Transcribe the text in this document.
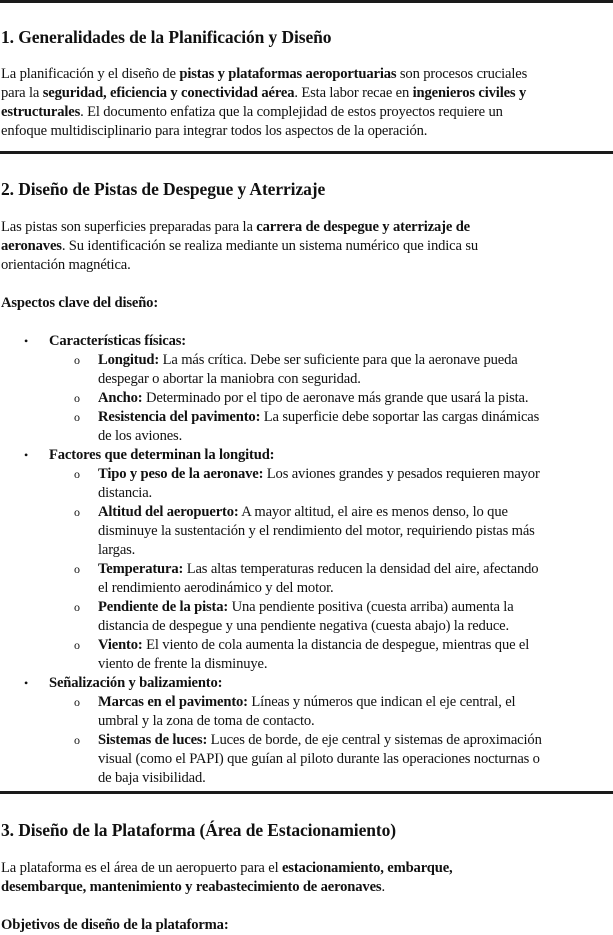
1. Generalidades de la Planificación y Diseño
La planificación y el diseño de pistas y plataformas aeroportuarias son procesos cruciales
para la seguridad, eficiencia y conectividad aérea. Esta labor recae en ingenieros civiles y
estructurales. El documento enfatiza que la complejidad de estos proyectos requiere un
enfoque multidisciplinario para integrar todos los aspectos de la operación.
2. Diseño de Pistas de Despegue y Aterrizaje
Las pistas son superficies preparadas para la carrera de despegue y aterrizaje de
aeronaves. Su identificación se realiza mediante un sistema numérico que indica su
orientación magnética.
Aspectos clave del diseño:
• Características físicas:
o Longitud: La más crítica. Debe ser suficiente para que la aeronave pueda
despegar o abortar la maniobra con seguridad.
o Ancho: Determinado por el tipo de aeronave más grande que usará la pista.
o Resistencia del pavimento: La superficie debe soportar las cargas dinámicas
de los aviones.
• Factores que determinan la longitud:
o Tipo y peso de la aeronave: Los aviones grandes y pesados requieren mayor
distancia.
o Altitud del aeropuerto: A mayor altitud, el aire es menos denso, lo que
disminuye la sustentación y el rendimiento del motor, requiriendo pistas más
largas.
o Temperatura: Las altas temperaturas reducen la densidad del aire, afectando
el rendimiento aerodinámico y del motor.
o Pendiente de la pista: Una pendiente positiva (cuesta arriba) aumenta la
distancia de despegue y una pendiente negativa (cuesta abajo) la reduce.
o Viento: El viento de cola aumenta la distancia de despegue, mientras que el
viento de frente la disminuye.
• Señalización y balizamiento:
o Marcas en el pavimento: Líneas y números que indican el eje central, el
umbral y la zona de toma de contacto.
o Sistemas de luces: Luces de borde, de eje central y sistemas de aproximación
visual (como el PAPI) que guían al piloto durante las operaciones nocturnas o
de baja visibilidad.
3. Diseño de la Plataforma (Área de Estacionamiento)
La plataforma es el área de un aeropuerto para el estacionamiento, embarque,
desembarque, mantenimiento y reabastecimiento de aeronaves.
Objetivos de diseño de la plataforma:
